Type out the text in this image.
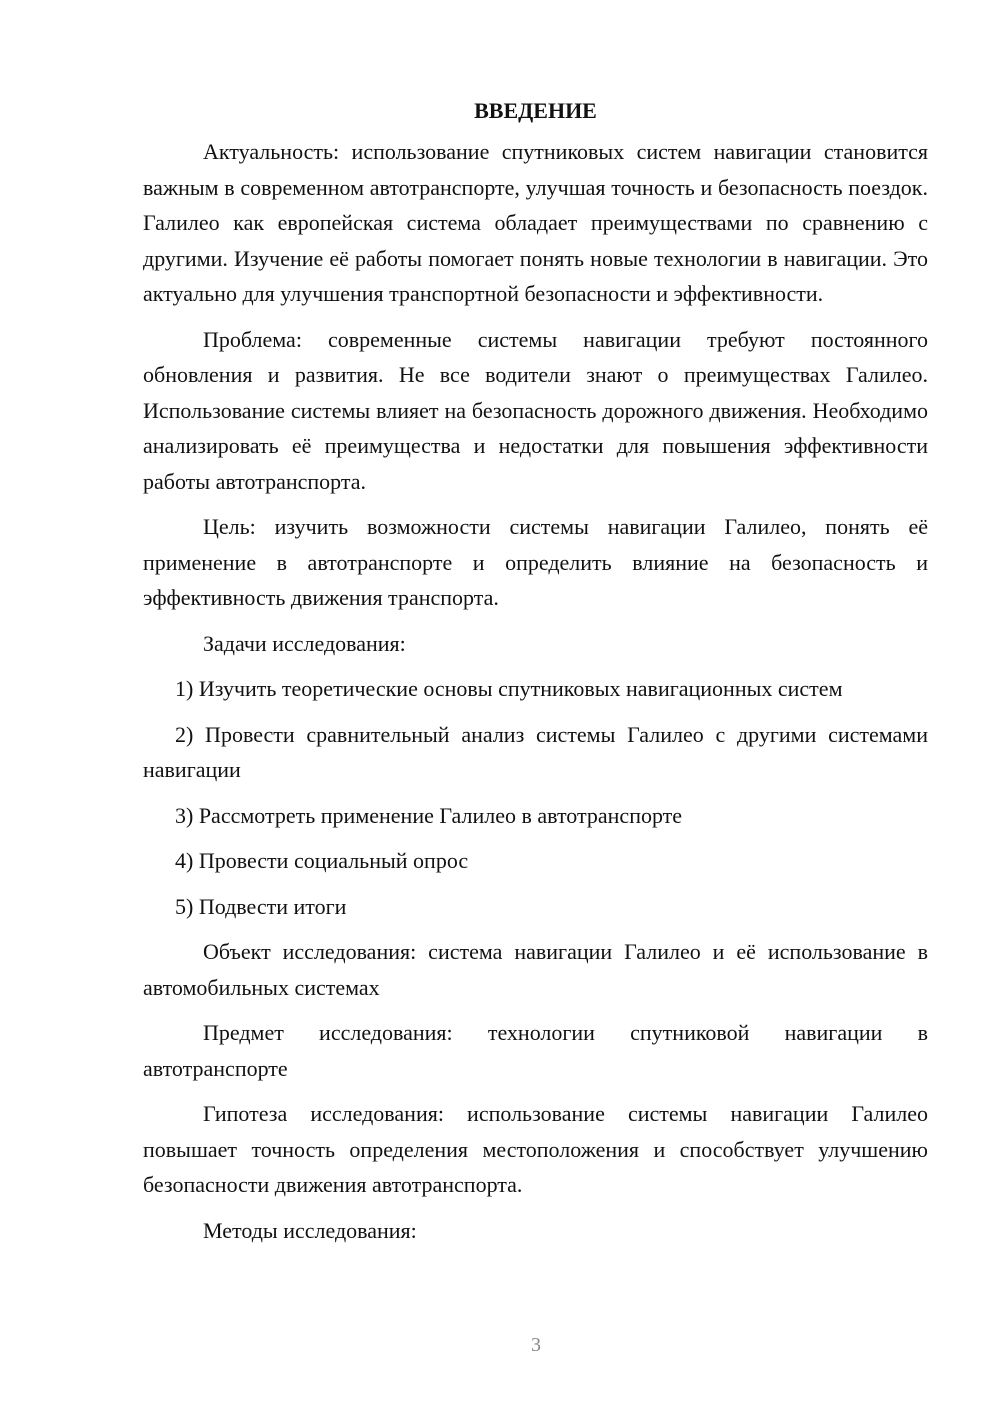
ВВЕДЕНИЕ

Актуальность: использование спутниковых систем навигации становится важным в современном автотранспорте, улучшая точность и безопасность поездок. Галилео как европейская система обладает преимуществами по сравнению с другими. Изучение её работы помогает понять новые технологии в навигации. Это актуально для улучшения транспортной безопасности и эффективности.

Проблема: современные системы навигации требуют постоянного обновления и развития. Не все водители знают о преимуществах Галилео. Использование системы влияет на безопасность дорожного движения. Необходимо анализировать её преимущества и недостатки для повышения эффективности работы автотранспорта.

Цель: изучить возможности системы навигации Галилео, понять её применение в автотранспорте и определить влияние на безопасность и эффективность движения транспорта.

Задачи исследования:

1) Изучить теоретические основы спутниковых навигационных систем

2) Провести сравнительный анализ системы Галилео с другими системами навигации

3) Рассмотреть применение Галилео в автотранспорте

4) Провести социальный опрос

5) Подвести итоги

Объект исследования: система навигации Галилео и её использование в автомобильных системах

Предмет исследования: технологии спутниковой навигации в автотранспорте

Гипотеза исследования: использование системы навигации Галилео повышает точность определения местоположения и способствует улучшению безопасности движения автотранспорта.

Методы исследования:

3
